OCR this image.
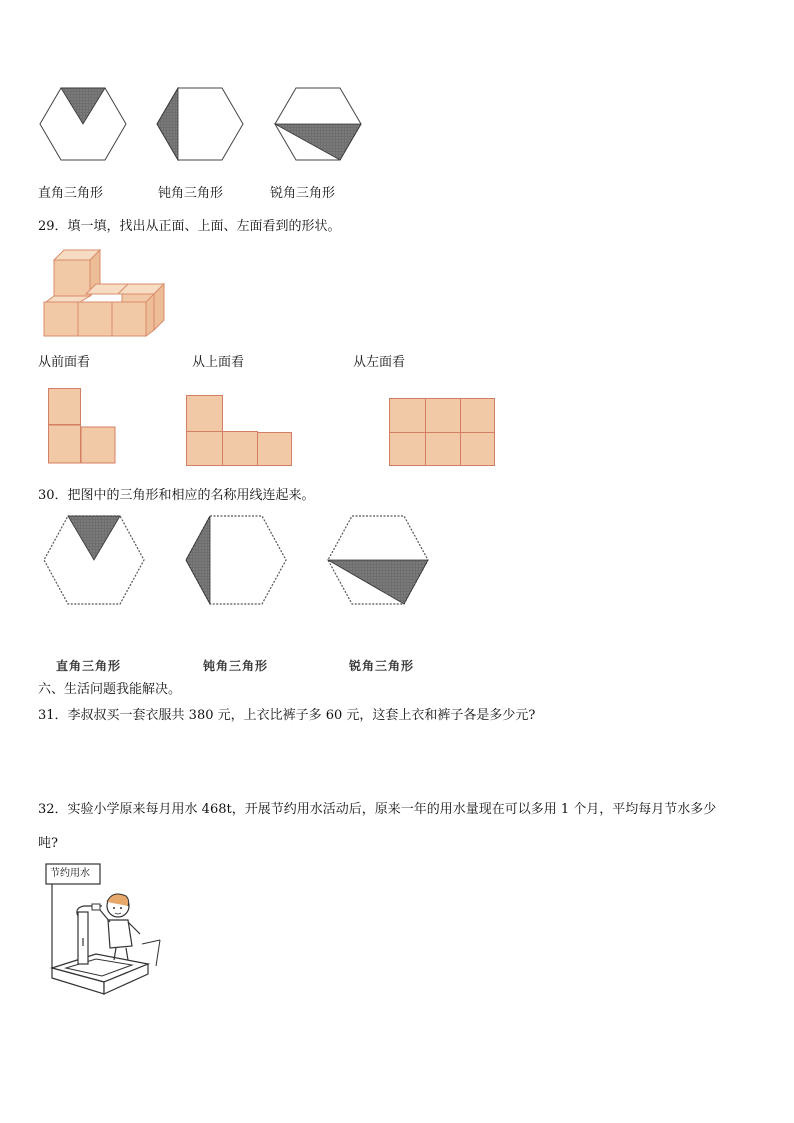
直角三角形	钝角三角形	锐角三角形
29．填一填，找出从正面、上面、左面看到的形状。
从前面看	从上面看	从左面看
30．把图中的三角形和相应的名称用线连起来。
直角三角形	钝角三角形	锐角三角形
六、生活问题我能解决。
31．李叔叔买一套衣服共 380 元，上衣比裤子多 60 元，这套上衣和裤子各是多少元?
32．实验小学原来每月用水 468t，开展节约用水活动后，原来一年的用水量现在可以多用 1 个月，平均每月节水多少
吨?
节约用水
